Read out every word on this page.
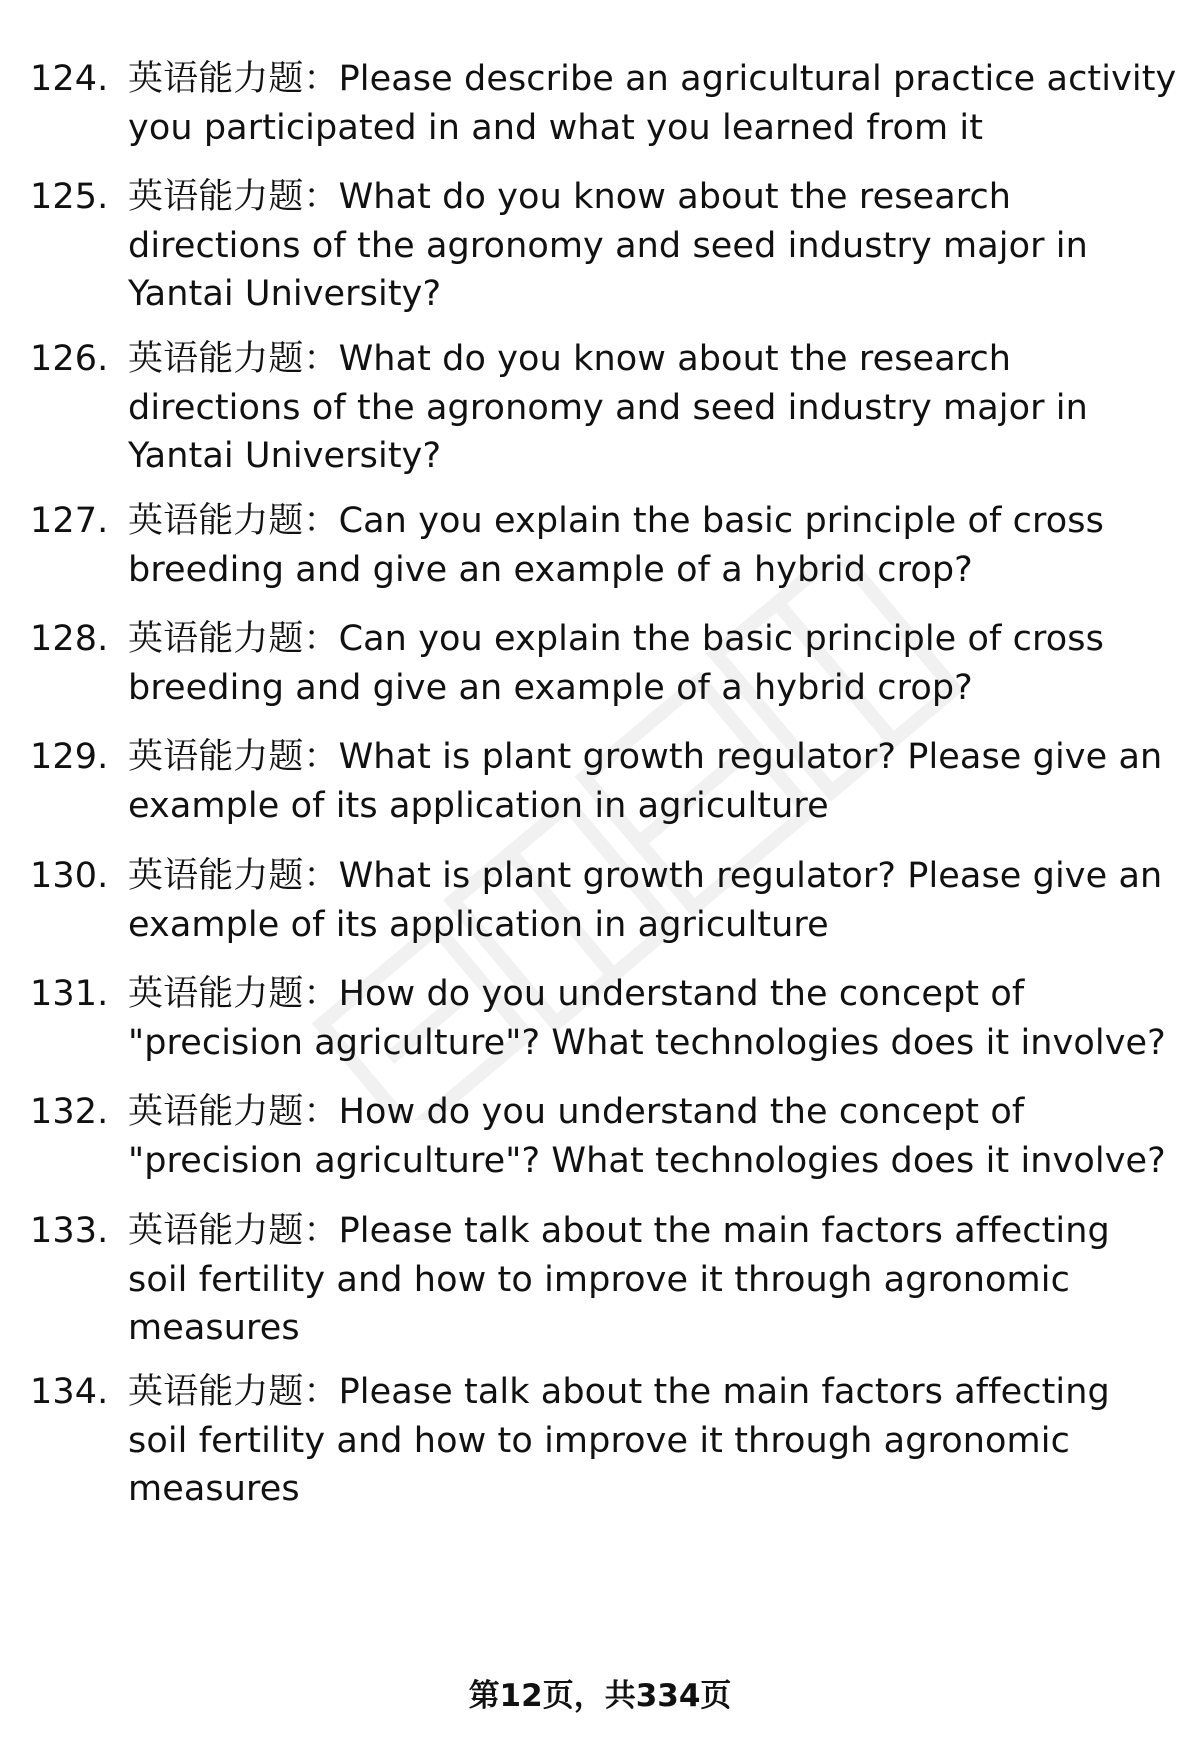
124. 英语能力题：Please describe an agricultural practice activity you participated in and what you learned from it
125. 英语能力题：What do you know about the research directions of the agronomy and seed industry major in Yantai University?
126. 英语能力题：What do you know about the research directions of the agronomy and seed industry major in Yantai University?
127. 英语能力题：Can you explain the basic principle of cross breeding and give an example of a hybrid crop?
128. 英语能力题：Can you explain the basic principle of cross breeding and give an example of a hybrid crop?
129. 英语能力题：What is plant growth regulator? Please give an example of its application in agriculture
130. 英语能力题：What is plant growth regulator? Please give an example of its application in agriculture
131. 英语能力题：How do you understand the concept of "precision agriculture"? What technologies does it involve?
132. 英语能力题：How do you understand the concept of "precision agriculture"? What technologies does it involve?
133. 英语能力题：Please talk about the main factors affecting soil fertility and how to improve it through agronomic measures
134. 英语能力题：Please talk about the main factors affecting soil fertility and how to improve it through agronomic measures
第12页，共334页
